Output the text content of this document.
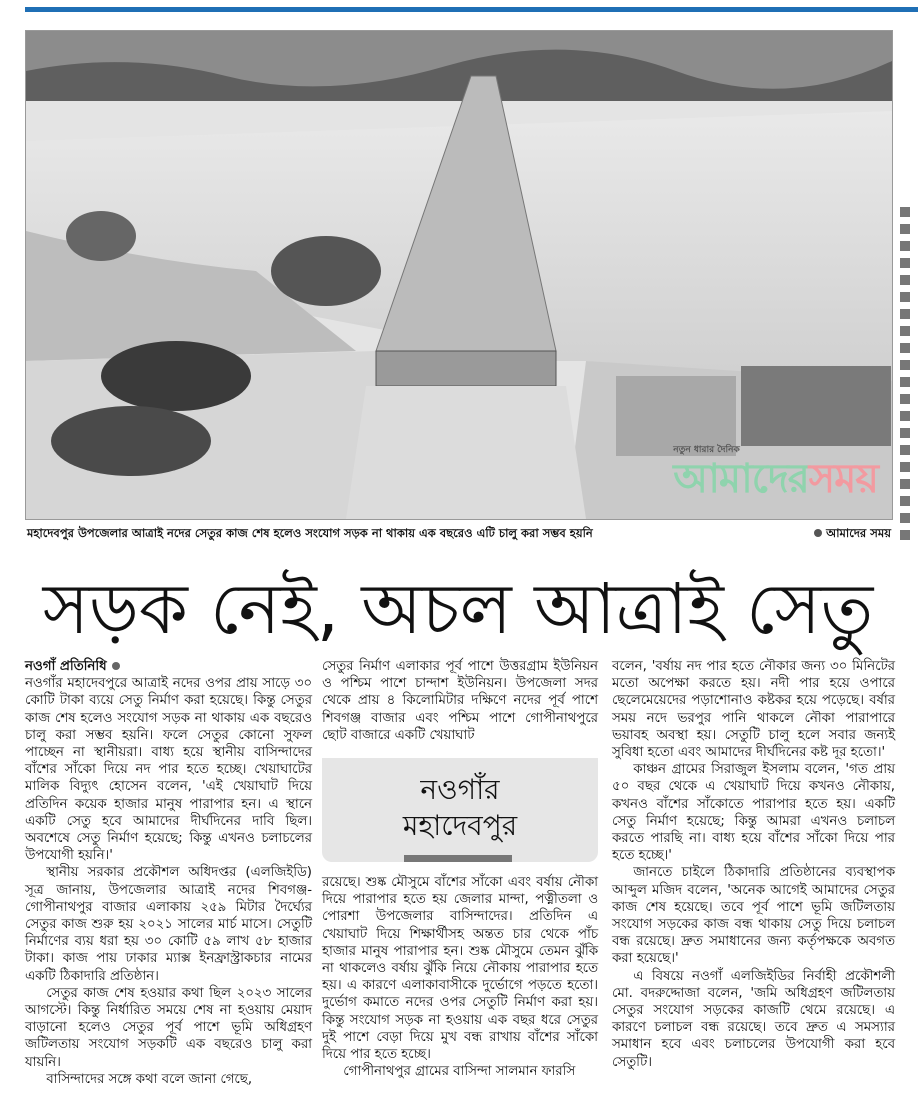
নতুন ধারার দৈনিক
আমাদেরসময়
মহাদেবপুর উপজেলার আত্রাই নদের সেতুর কাজ শেষ হলেও সংযোগ সড়ক না থাকায় এক বছরেও এটি চালু করা সম্ভব হয়নি	আমাদের সময়
সড়ক নেই, অচল আত্রাই সেতু

নওগাঁ প্রতিনিধি

নওগাঁর মহাদেবপুরে আত্রাই নদের ওপর প্রায় সাড়ে ৩০ কোটি টাকা ব্যয়ে সেতু নির্মাণ করা হয়েছে। কিন্তু সেতুর কাজ শেষ হলেও সংযোগ সড়ক না থাকায় এক বছরেও চালু করা সম্ভব হয়নি। ফলে সেতুর কোনো সুফল পাচ্ছেন না স্থানীয়রা। বাধ্য হয়ে স্থানীয় বাসিন্দাদের বাঁশের সাঁকো দিয়ে নদ পার হতে হচ্ছে। খেয়াঘাটের মালিক বিদ্যুৎ হোসেন বলেন, 'এই খেয়াঘাট দিয়ে প্রতিদিন কয়েক হাজার মানুষ পারাপার হন। এ স্থানে একটি সেতু হবে আমাদের দীর্ঘদিনের দাবি ছিল। অবশেষে সেতু নির্মাণ হয়েছে; কিন্তু এখনও চলাচলের উপযোগী হয়নি।'

স্থানীয় সরকার প্রকৌশল অধিদপ্তর (এলজিইডি) সূত্র জানায়, উপজেলার আত্রাই নদের শিবগঞ্জ-গোপীনাথপুর বাজার এলাকায় ২৫৯ মিটার দৈর্ঘ্যের সেতুর কাজ শুরু হয় ২০২১ সালের মার্চ মাসে। সেতুটি নির্মাণের ব্যয় ধরা হয় ৩০ কোটি ৫৯ লাখ ৫৮ হাজার টাকা। কাজ পায় ঢাকার ম্যাক্স ইনফ্রাস্ট্রাকচার নামের একটি ঠিকাদারি প্রতিষ্ঠান।

সেতুর কাজ শেষ হওয়ার কথা ছিল ২০২৩ সালের আগস্টে। কিন্তু নির্ধারিত সময়ে শেষ না হওয়ায় মেয়াদ বাড়ানো হলেও সেতুর পূর্ব পাশে ভূমি অধিগ্রহণ জটিলতায় সংযোগ সড়কটি এক বছরেও চালু করা যায়নি।

বাসিন্দাদের সঙ্গে কথা বলে জানা গেছে,

সেতুর নির্মাণ এলাকার পূর্ব পাশে উত্তরগ্রাম ইউনিয়ন ও পশ্চিম পাশে চান্দাশ ইউনিয়ন। উপজেলা সদর থেকে প্রায় ৪ কিলোমিটার দক্ষিণে নদের পূর্ব পাশে শিবগঞ্জ বাজার এবং পশ্চিম পাশে গোপীনাথপুরে ছোট বাজারে একটি খেয়াঘাট

নওগাঁর
মহাদেবপুর

রয়েছে। শুষ্ক মৌসুমে বাঁশের সাঁকো এবং বর্ষায় নৌকা দিয়ে পারাপার হতে হয় জেলার মান্দা, পত্নীতলা ও পোরশা উপজেলার বাসিন্দাদের। প্রতিদিন এ খেয়াঘাট দিয়ে শিক্ষার্থীসহ অন্তত চার থেকে পাঁচ হাজার মানুষ পারাপার হন। শুষ্ক মৌসুমে তেমন ঝুঁকি না থাকলেও বর্ষায় ঝুঁকি নিয়ে নৌকায় পারাপার হতে হয়। এ কারণে এলাকাবাসীকে দুর্ভোগে পড়তে হতো। দুর্ভোগ কমাতে নদের ওপর সেতুটি নির্মাণ করা হয়। কিন্তু সংযোগ সড়ক না হওয়ায় এক বছর ধরে সেতুর দুই পাশে বেড়া দিয়ে মুখ বন্ধ রাখায় বাঁশের সাঁকো দিয়ে পার হতে হচ্ছে।

গোপীনাথপুর গ্রামের বাসিন্দা সালমান ফারসি

বলেন, 'বর্ষায় নদ পার হতে নৌকার জন্য ৩০ মিনিটের মতো অপেক্ষা করতে হয়। নদী পার হয়ে ওপারে ছেলেমেয়েদের পড়াশোনাও কষ্টকর হয়ে পড়েছে। বর্ষার সময় নদে ভরপুর পানি থাকলে নৌকা পারাপারে ভয়াবহ অবস্থা হয়। সেতুটি চালু হলে সবার জন্যই সুবিধা হতো এবং আমাদের দীর্ঘদিনের কষ্ট দূর হতো।'

কাঞ্চন গ্রামের সিরাজুল ইসলাম বলেন, 'গত প্রায় ৫০ বছর থেকে এ খেয়াঘাট দিয়ে কখনও নৌকায়, কখনও বাঁশের সাঁকোতে পারাপার হতে হয়। একটি সেতু নির্মাণ হয়েছে; কিন্তু আমরা এখনও চলাচল করতে পারছি না। বাধ্য হয়ে বাঁশের সাঁকো দিয়ে পার হতে হচ্ছে।'

জানতে চাইলে ঠিকাদারি প্রতিষ্ঠানের ব্যবস্থাপক আব্দুল মজিদ বলেন, 'অনেক আগেই আমাদের সেতুর কাজ শেষ হয়েছে। তবে পূর্ব পাশে ভূমি জটিলতায় সংযোগ সড়কের কাজ বন্ধ থাকায় সেতু দিয়ে চলাচল বন্ধ রয়েছে। দ্রুত সমাধানের জন্য কর্তৃপক্ষকে অবগত করা হয়েছে।'

এ বিষয়ে নওগাঁ এলজিইডির নির্বাহী প্রকৌশলী মো. বদরুদ্দোজা বলেন, 'জমি অধিগ্রহণ জটিলতায় সেতুর সংযোগ সড়কের কাজটি থেমে রয়েছে। এ কারণে চলাচল বন্ধ রয়েছে। তবে দ্রুত এ সমস্যার সমাধান হবে এবং চলাচলের উপযোগী করা হবে সেতুটি।
